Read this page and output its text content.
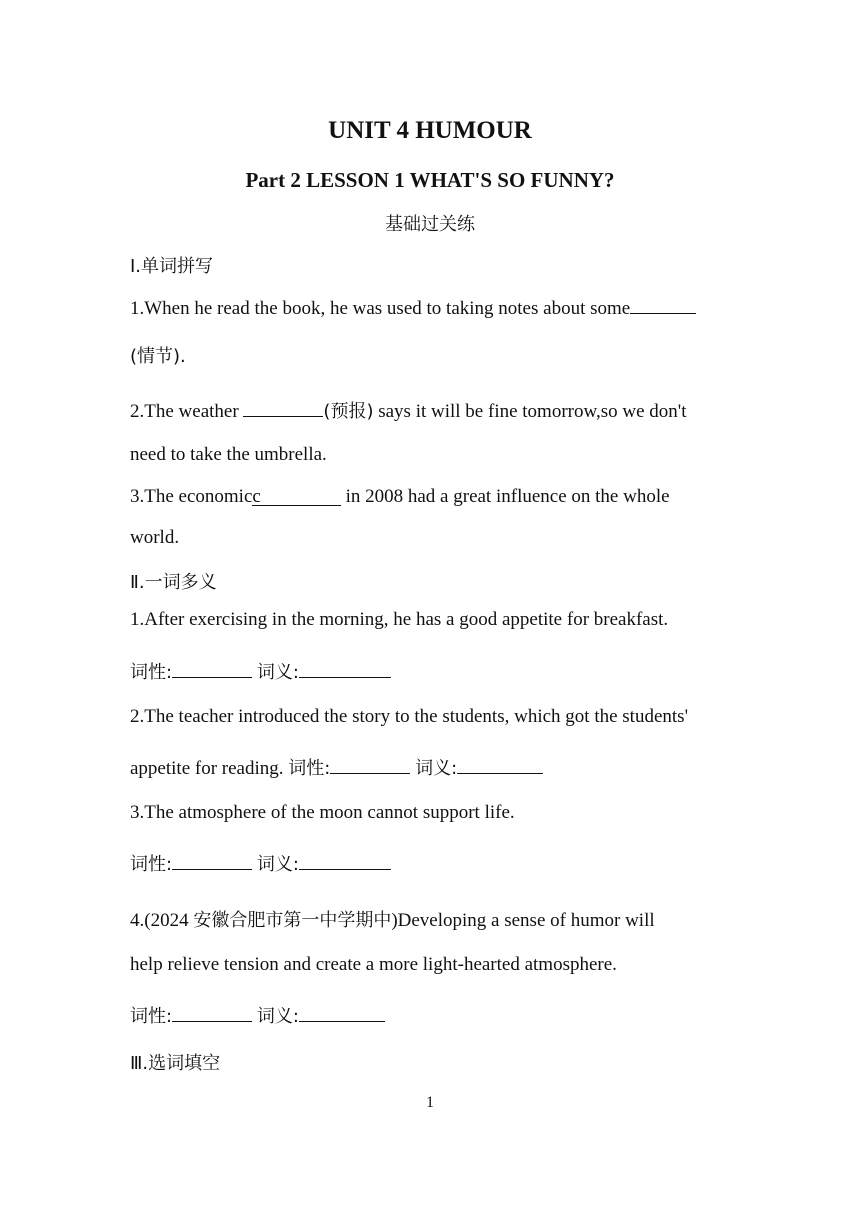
UNIT 4 HUMOUR
Part 2 LESSON 1 WHAT'S SO FUNNY?
基础过关练
Ⅰ.单词拼写
1.When he read the book, he was used to taking notes about some
(情节).
2.The weather	(预报) says it will be fine tomorrow,so we don't
need to take the umbrella.
3.The economicc	in 2008 had a great influence on the whole
world.
Ⅱ.一词多义
1.After exercising in the morning, he has a good appetite for breakfast.
词性:	词义:
2.The teacher introduced the story to the students, which got the students'
appetite for reading. 词性:	词义:
3.The atmosphere of the moon cannot support life.
词性:	词义:
4.(2024 安徽合肥市第一中学期中)Developing a sense of humor will
help relieve tension and create a more light-hearted atmosphere.
词性:	词义:
Ⅲ.选词填空
1
